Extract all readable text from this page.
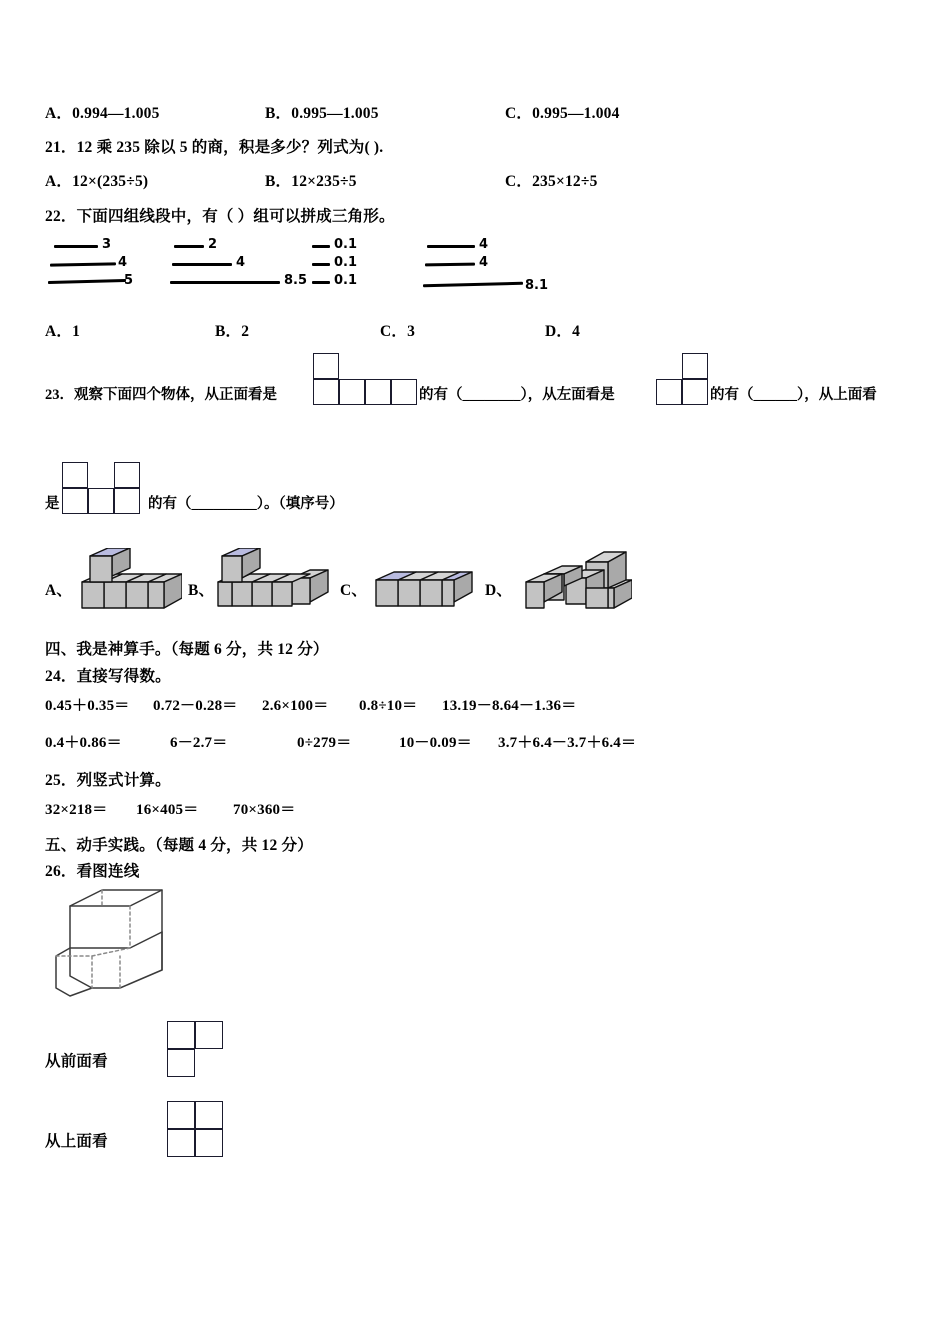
A．0.994—1.005	B．0.995—1.005	C．0.995—1.004
21．12 乘 235 除以 5 的商，积是多少？列式为( ).
A．12×(235÷5)	B．12×235÷5	C．235×12÷5
22．下面四组线段中，有（ ）组可以拼成三角形。
3
4
5
2
4
8.5
0.1
0.1
0.1
4
4
8.1
A．1	B．2	C．3	D．4
23．观察下面四个物体，从正面看是	的有（________），从左面看是	的有（______），从上面看
是	的有（_________）。（填序号）
A、	B、	C、	D、
四、我是神算手。（每题 6 分，共 12 分）
24．直接写得数。
0.45＋0.35＝ 0.72－0.28＝ 2.6×100＝ 0.8÷10＝ 13.19－8.64－1.36＝
0.4＋0.86＝	6－2.7＝	0÷279＝	10－0.09＝ 3.7＋6.4－3.7＋6.4＝
25．列竖式计算。
32×218＝ 16×405＝ 70×360＝
五、动手实践。（每题 4 分，共 12 分）
26．看图连线
从前面看
从上面看
